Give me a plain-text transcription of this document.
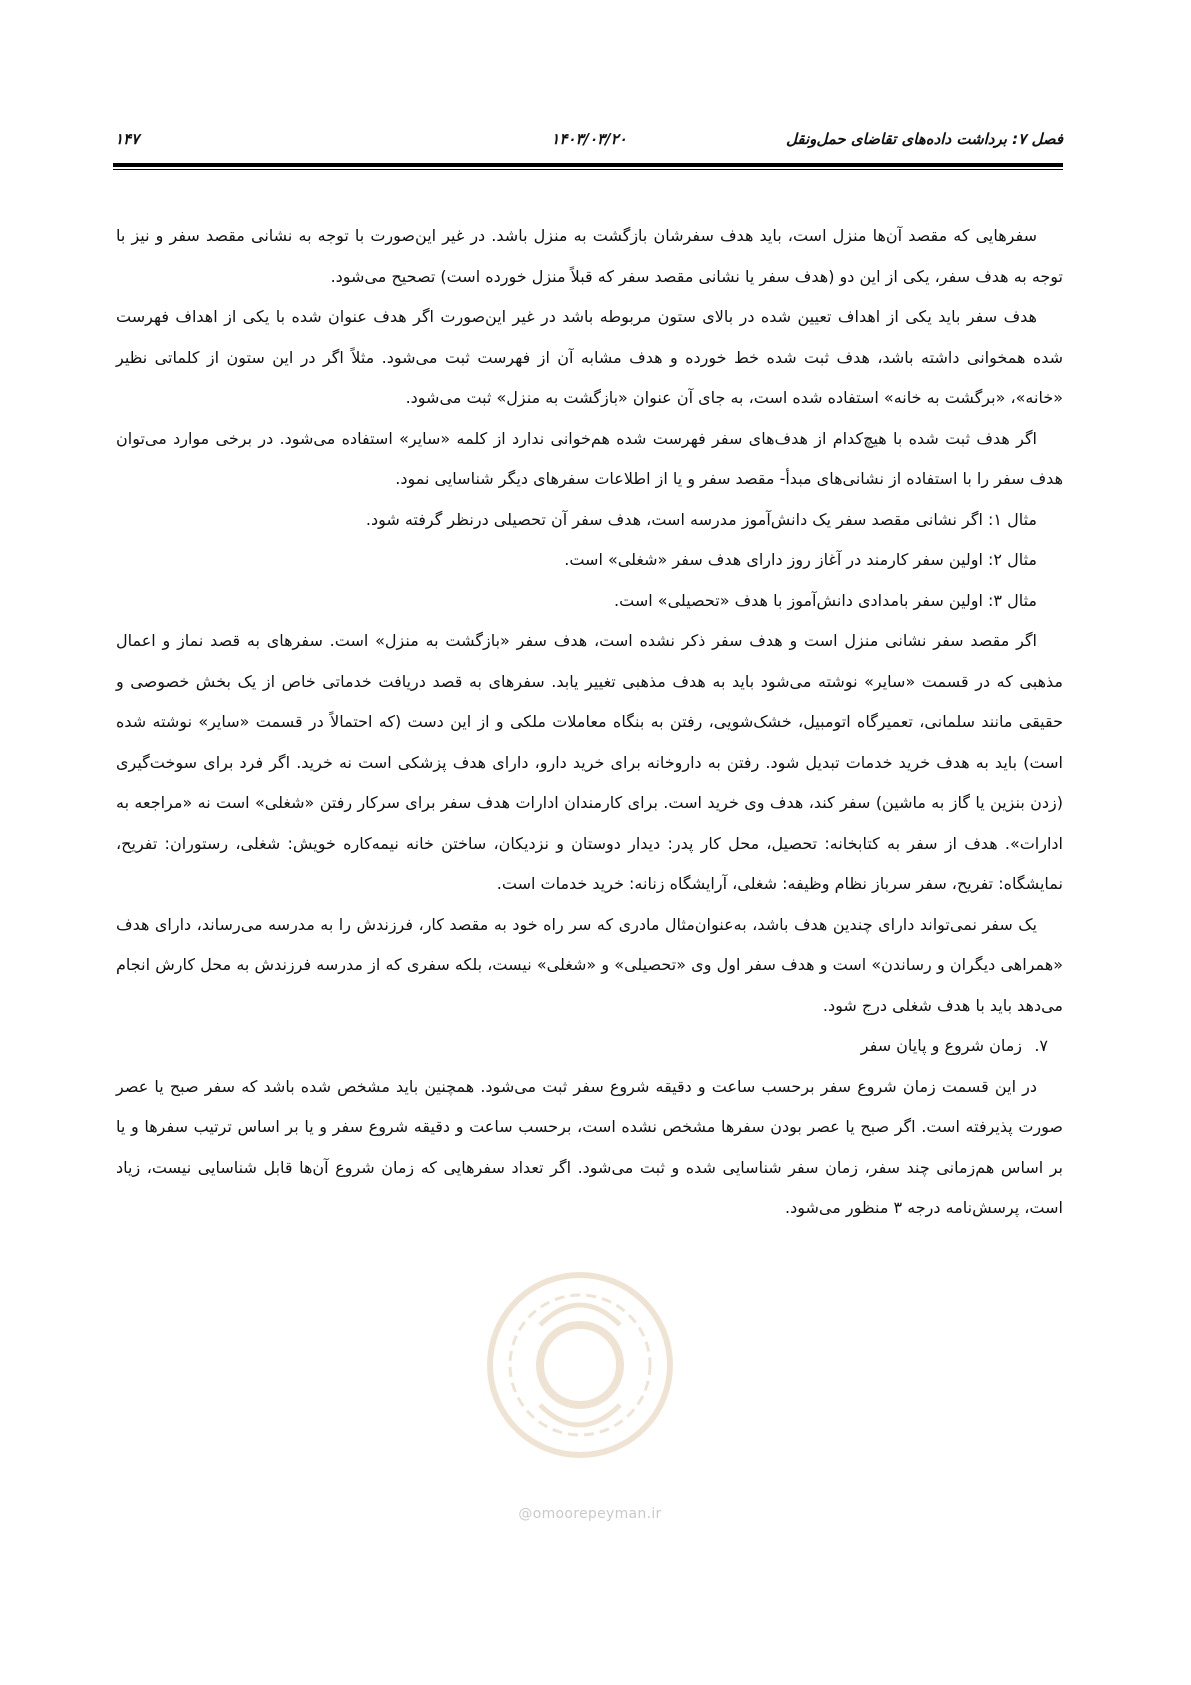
فصل ۷: برداشت داده‌های تقاضای حمل‌ونقل
۱۴۰۳/۰۳/۲۰
۱۴۷

سفرهایی که مقصد آن‌ها منزل است، باید هدف سفرشان بازگشت به منزل باشد. در غیر این‌صورت با توجه به نشانی مقصد سفر و نیز با توجه به هدف سفر، یکی از این دو (هدف سفر یا نشانی مقصد سفر که قبلاً منزل خورده است) تصحیح می‌شود.

هدف سفر باید یکی از اهداف تعیین شده در بالای ستون مربوطه باشد در غیر این‌صورت اگر هدف عنوان شده با یکی از اهداف فهرست شده همخوانی داشته باشد، هدف ثبت شده خط خورده و هدف مشابه آن از فهرست ثبت می‌شود. مثلاً اگر در این ستون از کلماتی نظیر «خانه»، «برگشت به خانه» استفاده شده است، به جای آن عنوان «بازگشت به منزل» ثبت می‌شود.

اگر هدف ثبت شده با هیچ‌کدام از هدف‌های سفر فهرست شده هم‌خوانی ندارد از کلمه «سایر» استفاده می‌شود. در برخی موارد می‌توان هدف سفر را با استفاده از نشانی‌های مبدأ- مقصد سفر و یا از اطلاعات سفرهای دیگر شناسایی نمود.

مثال ۱: اگر نشانی مقصد سفر یک دانش‌آموز مدرسه است، هدف سفر آن تحصیلی درنظر گرفته شود.

مثال ۲: اولین سفر کارمند در آغاز روز دارای هدف سفر «شغلی» است.

مثال ۳: اولین سفر بامدادی دانش‌آموز با هدف «تحصیلی» است.

اگر مقصد سفر نشانی منزل است و هدف سفر ذکر نشده است، هدف سفر «بازگشت به منزل» است. سفرهای به قصد نماز و اعمال مذهبی که در قسمت «سایر» نوشته می‌شود باید به هدف مذهبی تغییر یابد. سفرهای به قصد دریافت خدماتی خاص از یک بخش خصوصی و حقیقی مانند سلمانی، تعمیرگاه اتومبیل، خشک‌شویی، رفتن به بنگاه معاملات ملکی و از این دست (که احتمالاً در قسمت «سایر» نوشته شده است) باید به هدف خرید خدمات تبدیل شود. رفتن به داروخانه برای خرید دارو، دارای هدف پزشکی است نه خرید. اگر فرد برای سوخت‌گیری (زدن بنزین یا گاز به ماشین) سفر کند، هدف وی خرید است. برای کارمندان ادارات هدف سفر برای سرکار رفتن «شغلی» است نه «مراجعه به ادارات». هدف از سفر به کتابخانه: تحصیل، محل کار پدر: دیدار دوستان و نزدیکان، ساختن خانه نیمه‌کاره خویش: شغلی، رستوران: تفریح، نمایشگاه: تفریح، سفر سرباز نظام وظیفه: شغلی، آرایشگاه زنانه: خرید خدمات است.

یک سفر نمی‌تواند دارای چندین هدف باشد، به‌عنوان‌مثال مادری که سر راه خود به مقصد کار، فرزندش را به مدرسه می‌رساند، دارای هدف «همراهی دیگران و رساندن» است و هدف سفر اول وی «تحصیلی» و «شغلی» نیست، بلکه سفری که از مدرسه فرزندش به محل کارش انجام می‌دهد باید با هدف شغلی درج شود.

۷.زمان شروع و پایان سفر

در این قسمت زمان شروع سفر برحسب ساعت و دقیقه شروع سفر ثبت می‌شود. همچنین باید مشخص شده باشد که سفر صبح یا عصر صورت پذیرفته است. اگر صبح یا عصر بودن سفرها مشخص نشده است، برحسب ساعت و دقیقه شروع سفر و یا بر اساس ترتیب سفرها و یا بر اساس هم‌زمانی چند سفر، زمان سفر شناسایی شده و ثبت می‌شود. اگر تعداد سفرهایی که زمان شروع آن‌ها قابل شناسایی نیست، زیاد است، پرسش‌نامه درجه ۳ منظور می‌شود.

@omoorepeyman.ir
